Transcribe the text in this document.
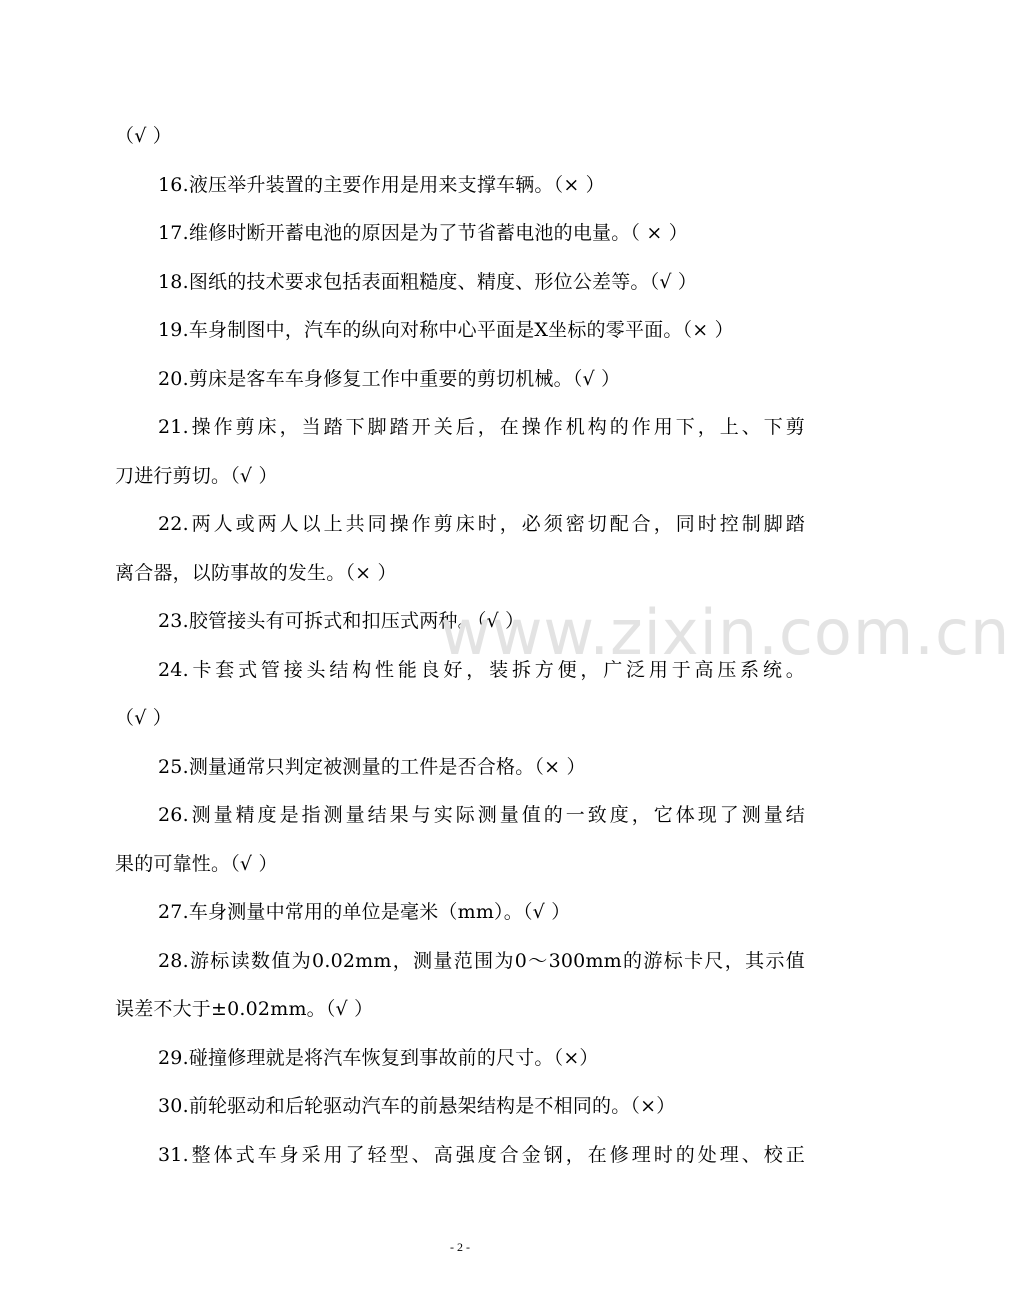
（√ ）
16.液压举升装置的主要作用是用来支撑车辆。（× ）
17.维修时断开蓄电池的原因是为了节省蓄电池的电量。（ × ）
18.图纸的技术要求包括表面粗糙度、精度、形位公差等。（√ ）
19.车身制图中，汽车的纵向对称中心平面是X坐标的零平面。（× ）
20.剪床是客车车身修复工作中重要的剪切机械。（√ ）
21.操作剪床，当踏下脚踏开关后，在操作机构的作用下，上、下剪
刀进行剪切。（√ ）
22.两人或两人以上共同操作剪床时，必须密切配合，同时控制脚踏
离合器，以防事故的发生。（× ）
23.胶管接头有可拆式和扣压式两种。（√ ）
24.卡套式管接头结构性能良好，装拆方便，广泛用于高压系统。
（√ ）
25.测量通常只判定被测量的工件是否合格。（× ）
26.测量精度是指测量结果与实际测量值的一致度，它体现了测量结
果的可靠性。（√ ）
27.车身测量中常用的单位是毫米（mm）。（√ ）
28.游标读数值为0.02mm，测量范围为0～300mm的游标卡尺，其示值
误差不大于±0.02mm。（√ ）
29.碰撞修理就是将汽车恢复到事故前的尺寸。（×）
30.前轮驱动和后轮驱动汽车的前悬架结构是不相同的。（×）
31.整体式车身采用了轻型、高强度合金钢，在修理时的处理、校正
www.zixin.com.cn
- 2 -
